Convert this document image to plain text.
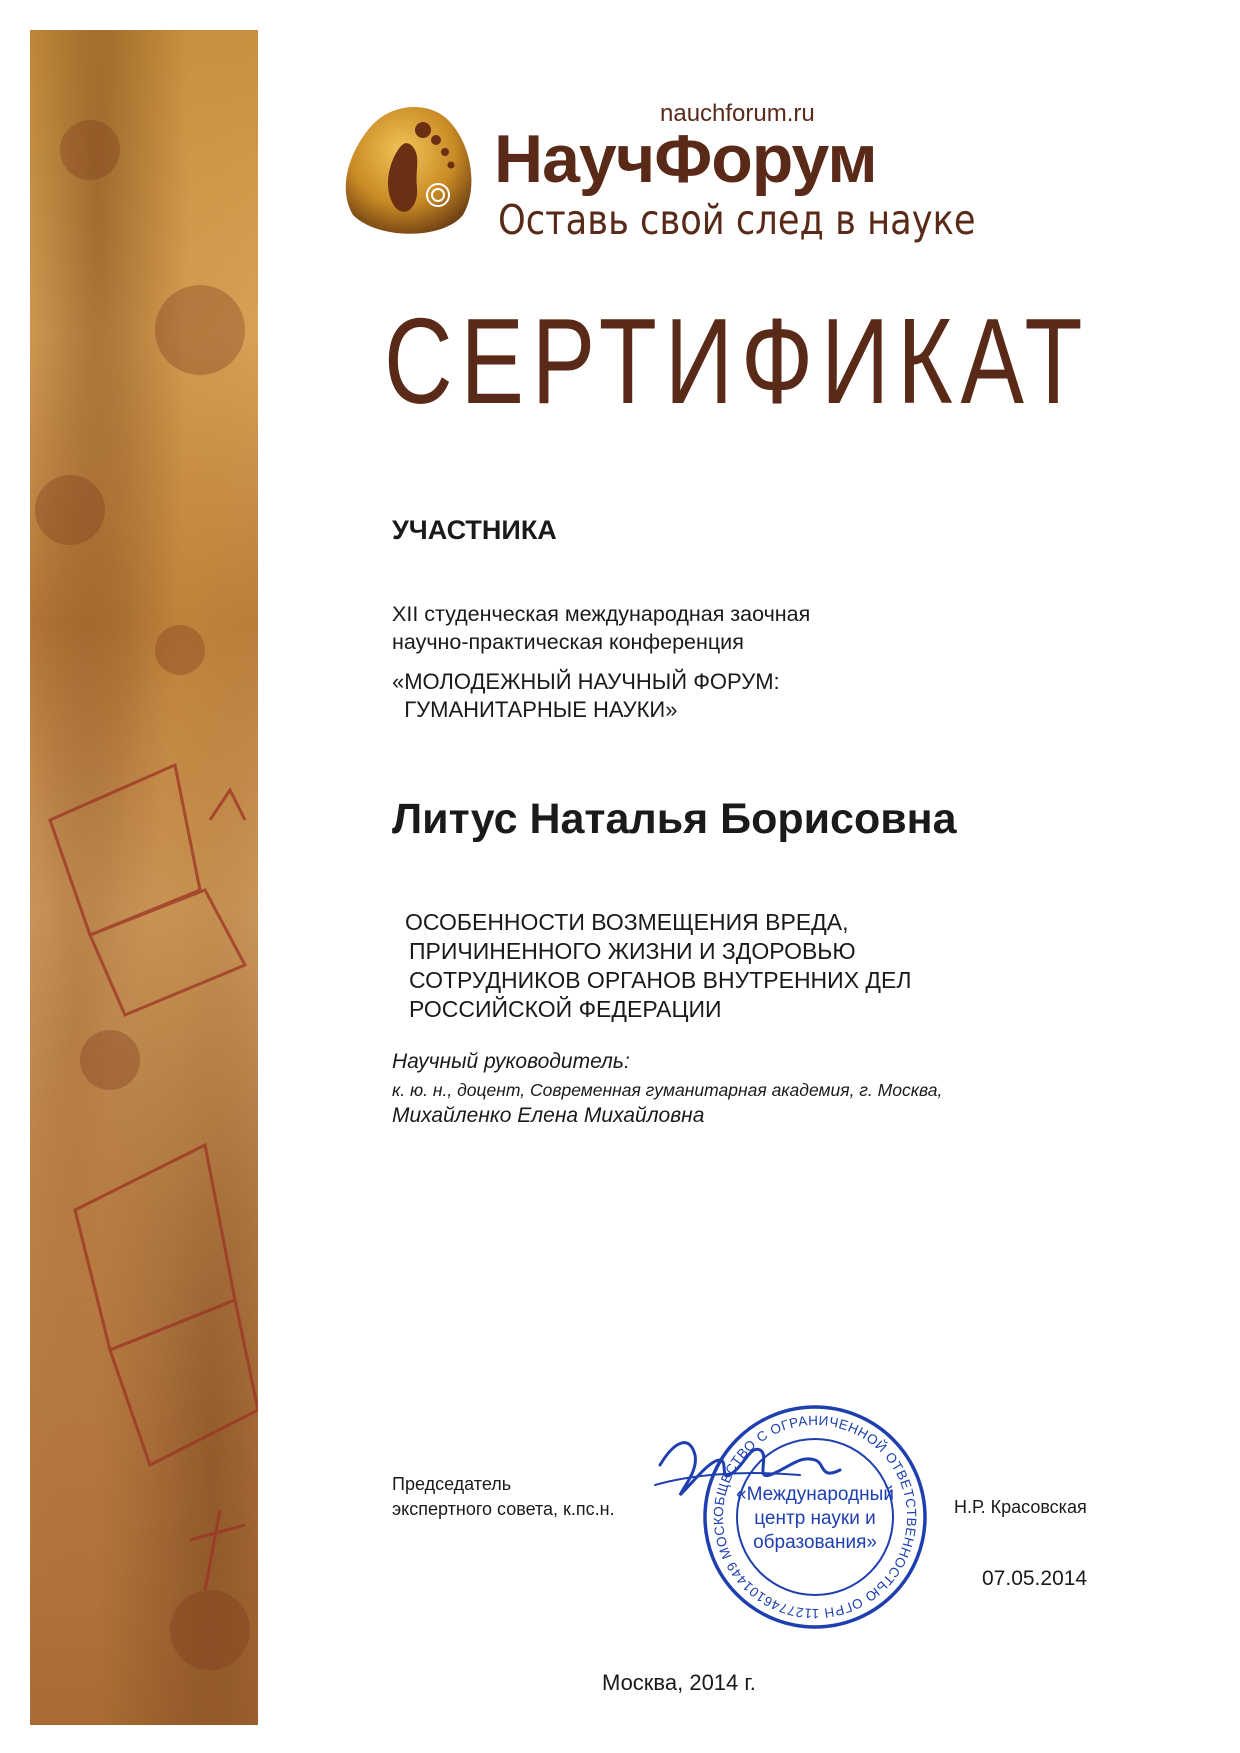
nauchforum.ru
НаучФорум
Оставь свой след в науке
СЕРТИФИКАТ
УЧАСТНИКА
XII студенческая международная заочная
научно-практическая конференция
«МОЛОДЕЖНЫЙ НАУЧНЫЙ ФОРУМ:
ГУМАНИТАРНЫЕ НАУКИ»
Литус Наталья Борисовна
ОСОБЕННОСТИ ВОЗМЕЩЕНИЯ ВРЕДА,
ПРИЧИНЕННОГО ЖИЗНИ И ЗДОРОВЬЮ
СОТРУДНИКОВ ОРГАНОВ ВНУТРЕННИХ ДЕЛ
РОССИЙСКОЙ ФЕДЕРАЦИИ
Научный руководитель:
к. ю. н., доцент, Современная гуманитарная академия, г. Москва,
Михайленко Елена Михайловна
Председатель
экспертного совета, к.пс.н.	ОБЩЕСТВО С ОГРАНИЧЕННОЙ ОТВЕТСТВЕННОСТЬЮ ОГРН 1127746101449 МОСК
«Международный
центр науки и
образования»
Н.Р. Красовская
07.05.2014
Москва, 2014 г.
